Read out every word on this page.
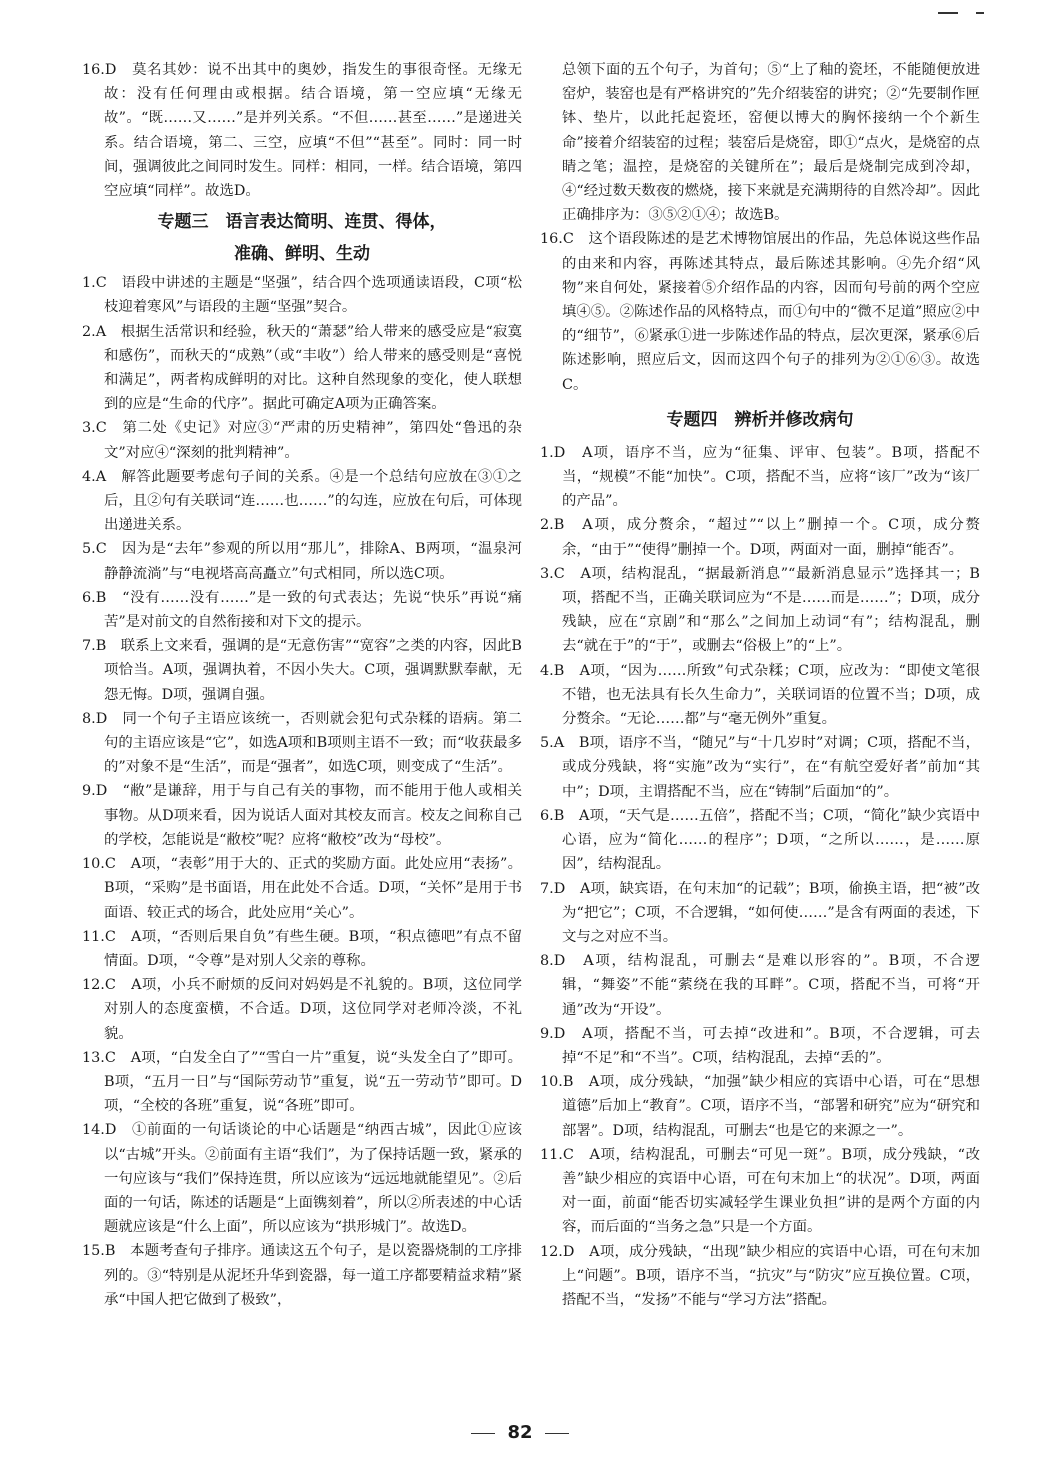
16.D　莫名其妙：说不出其中的奥妙，指发生的事很奇怪。无缘无故：没有任何理由或根据。结合语境，第一空应填“无缘无故”。“既……又……”是并列关系。“不但……甚至……”是递进关系。结合语境，第二、三空，应填“不但”“甚至”。同时：同一时间，强调彼此之间同时发生。同样：相同，一样。结合语境，第四空应填“同样”。故选D。

专题三　语言表达简明、连贯、得体，

准确、鲜明、生动

1.C　语段中讲述的主题是“坚强”，结合四个选项通读语段，C项“松枝迎着寒风”与语段的主题“坚强”契合。

2.A　根据生活常识和经验，秋天的“萧瑟”给人带来的感受应是“寂寞和感伤”，而秋天的“成熟”（或“丰收”）给人带来的感受则是“喜悦和满足”，两者构成鲜明的对比。这种自然现象的变化，使人联想到的应是“生命的代序”。据此可确定A项为正确答案。

3.C　第二处《史记》对应③“严肃的历史精神”，第四处“鲁迅的杂文”对应④“深刻的批判精神”。

4.A　解答此题要考虑句子间的关系。④是一个总结句应放在③①之后，且②句有关联词“连……也……”的勾连，应放在句后，可体现出递进关系。

5.C　因为是“去年”参观的所以用“那儿”，排除A、B两项，“温泉河静静流淌”与“电视塔高高矗立”句式相同，所以选C项。

6.B　“没有……没有……”是一致的句式表达；先说“快乐”再说“痛苦”是对前文的自然衔接和对下文的提示。

7.B　联系上文来看，强调的是“无意伤害”“宽容”之类的内容，因此B项恰当。A项，强调执着，不因小失大。C项，强调默默奉献，无怨无悔。D项，强调自强。

8.D　同一个句子主语应该统一，否则就会犯句式杂糅的语病。第二句的主语应该是“它”，如选A项和B项则主语不一致；而“收获最多的”对象不是“生活”，而是“强者”，如选C项，则变成了“生活”。

9.D　“敝”是谦辞，用于与自己有关的事物，而不能用于他人或相关事物。从D项来看，因为说话人面对其校友而言。校友之间称自己的学校，怎能说是“敝校”呢？应将“敝校”改为“母校”。

10.C　A项，“表彰”用于大的、正式的奖励方面。此处应用“表扬”。B项，“采购”是书面语，用在此处不合适。D项，“关怀”是用于书面语、较正式的场合，此处应用“关心”。

11.C　A项，“否则后果自负”有些生硬。B项，“积点德吧”有点不留情面。D项，“令尊”是对别人父亲的尊称。

12.C　A项，小兵不耐烦的反问对妈妈是不礼貌的。B项，这位同学对别人的态度蛮横，不合适。D项，这位同学对老师冷淡，不礼貌。

13.C　A项，“白发全白了”“雪白一片”重复，说“头发全白了”即可。B项，“五月一日”与“国际劳动节”重复，说“五一劳动节”即可。D项，“全校的各班”重复，说“各班”即可。

14.D　①前面的一句话谈论的中心话题是“纳西古城”，因此①应该以“古城”开头。②前面有主语“我们”，为了保持话题一致，紧承的一句应该与“我们”保持连贯，所以应该为“远远地就能望见”。②后面的一句话，陈述的话题是“上面镌刻着”，所以②所表述的中心话题就应该是“什么上面”，所以应该为“拱形城门”。故选D。

15.B　本题考查句子排序。通读这五个句子，是以瓷器烧制的工序排列的。③“特别是从泥坯升华到瓷器，每一道工序都要精益求精”紧承“中国人把它做到了极致”，

总领下面的五个句子，为首句；⑤“上了釉的瓷坯，不能随便放进窑炉，装窑也是有严格讲究的”先介绍装窑的讲究；②“先要制作匣钵、垫片，以此托起瓷坯，窑便以博大的胸怀接纳一个个新生命”接着介绍装窑的过程；装窑后是烧窑，即①“点火，是烧窑的点睛之笔；温控，是烧窑的关键所在”；最后是烧制完成到冷却，④“经过数天数夜的燃烧，接下来就是充满期待的自然冷却”。因此正确排序为：③⑤②①④；故选B。

16.C　这个语段陈述的是艺术博物馆展出的作品，先总体说这些作品的由来和内容，再陈述其特点，最后陈述其影响。④先介绍“风物”来自何处，紧接着⑤介绍作品的内容，因而句号前的两个空应填④⑤。②陈述作品的风格特点，而①句中的“微不足道”照应②中的“细节”，⑥紧承①进一步陈述作品的特点，层次更深，紧承⑥后陈述影响，照应后文，因而这四个句子的排列为②①⑥③。故选C。

专题四　辨析并修改病句

1.D　A项，语序不当，应为“征集、评审、包装”。B项，搭配不当，“规模”不能“加快”。C项，搭配不当，应将“该厂”改为“该厂的产品”。

2.B　A项，成分赘余，“超过”“以上”删掉一个。C项，成分赘余，“由于”“使得”删掉一个。D项，两面对一面，删掉“能否”。

3.C　A项，结构混乱，“据最新消息”“最新消息显示”选择其一；B项，搭配不当，正确关联词应为“不是……而是……”；D项，成分残缺，应在“京剧”和“那么”之间加上动词“有”；结构混乱，删去“就在于”的“于”，或删去“俗极上”的“上”。

4.B　A项，“因为……所致”句式杂糅；C项，应改为：“即使文笔很不错，也无法具有长久生命力”，关联词语的位置不当；D项，成分赘余。“无论……都”与“毫无例外”重复。

5.A　B项，语序不当，“随兄”与“十几岁时”对调；C项，搭配不当，或成分残缺，将“实施”改为“实行”，在“有航空爱好者”前加“其中”；D项，主谓搭配不当，应在“铸制”后面加“的”。

6.B　A项，“天气是……五倍”，搭配不当；C项，“简化”缺少宾语中心语，应为“简化……的程序”；D项，“之所以……，是……原因”，结构混乱。

7.D　A项，缺宾语，在句末加“的记载”；B项，偷换主语，把“被”改为“把它”；C项，不合逻辑，“如何使……”是含有两面的表述，下文与之对应不当。

8.D　A项，结构混乱，可删去“是难以形容的”。B项，不合逻辑，“舞姿”不能“萦绕在我的耳畔”。C项，搭配不当，可将“开通”改为“开设”。

9.D　A项，搭配不当，可去掉“改进和”。B项，不合逻辑，可去掉“不足”和“不当”。C项，结构混乱，去掉“丢的”。

10.B　A项，成分残缺，“加强”缺少相应的宾语中心语，可在“思想道德”后加上“教育”。C项，语序不当，“部署和研究”应为“研究和部署”。D项，结构混乱，可删去“也是它的来源之一”。

11.C　A项，结构混乱，可删去“可见一斑”。B项，成分残缺，“改善”缺少相应的宾语中心语，可在句末加上“的状况”。D项，两面对一面，前面“能否切实减轻学生课业负担”讲的是两个方面的内容，而后面的“当务之急”只是一个方面。

12.D　A项，成分残缺，“出现”缺少相应的宾语中心语，可在句末加上“问题”。B项，语序不当，“抗灾”与“防灾”应互换位置。C项，搭配不当，“发扬”不能与“学习方法”搭配。

82
